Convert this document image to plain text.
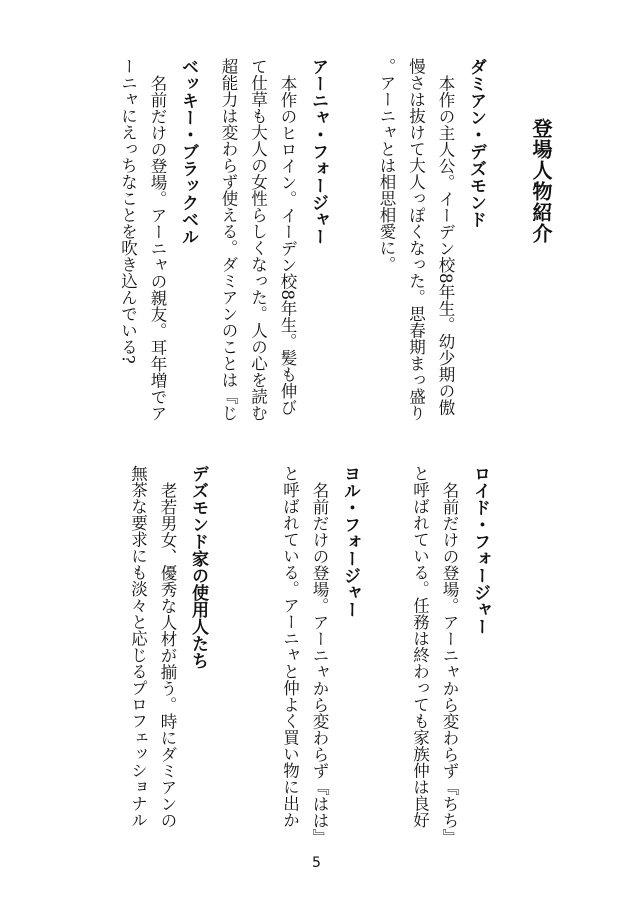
登場人物紹介
ダミアン・デズモンド

本作の主人公。イーデン校8年生。幼少期の傲慢さは抜けて大人っぽくなった。思春期まっ盛り。アーニャとは相思相愛に。

アーニャ・フォージャー

本作のヒロイン。イーデン校8年生。髪も伸びて仕草も大人の女性らしくなった。人の心を読む超能力は変わらず使える。ダミアンのことは『じ

ベッキー・ブラックベル

名前だけの登場。アーニャの親友。耳年増でアーニャにえっちなことを吹き込んでいる?

ロイド・フォージャー

名前だけの登場。アーニャから変わらず『ちち』と呼ばれている。任務は終わっても家族仲は良好

ヨル・フォージャー

名前だけの登場。アーニャから変わらず『はは』と呼ばれている。アーニャと仲よく買い物に出か

デズモンド家の使用人たち

老若男女、優秀な人材が揃う。時にダミアンの無茶な要求にも淡々と応じるプロフェッショナル

5
